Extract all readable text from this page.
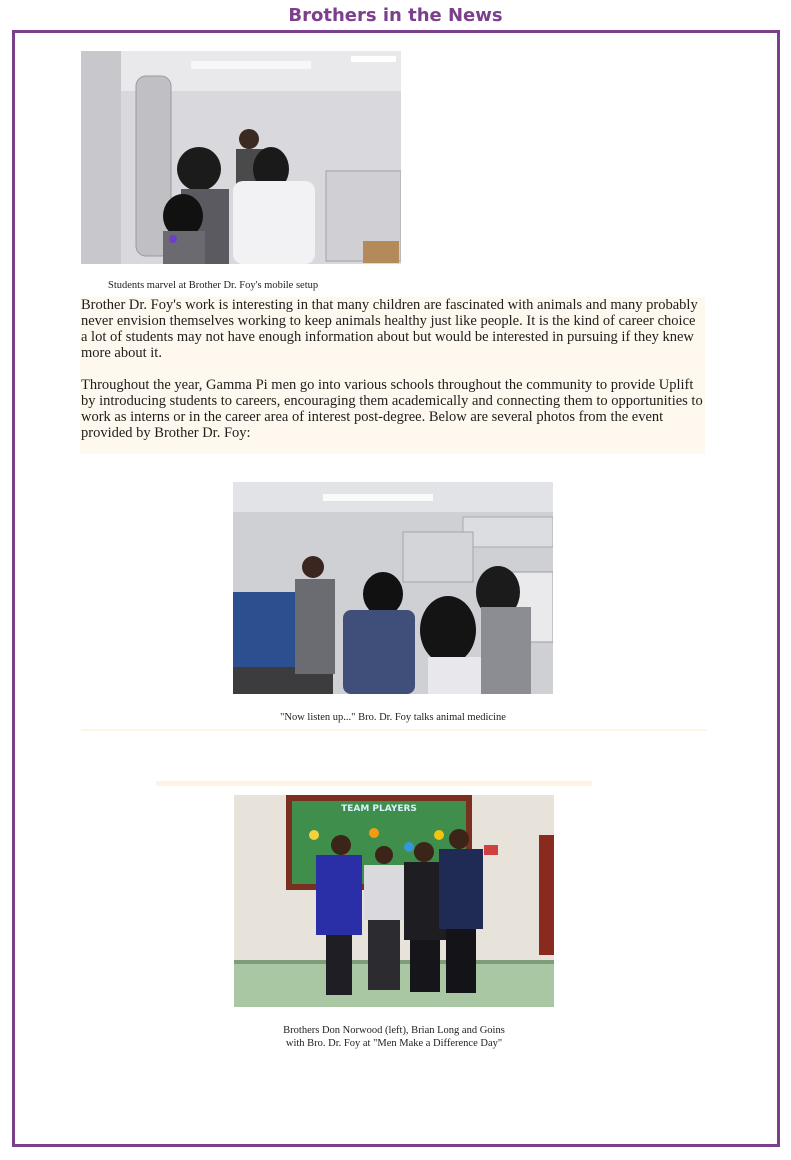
Brothers in the News
Students marvel at Brother Dr. Foy's mobile setup

Brother Dr. Foy's work is interesting in that many children are fascinated with animals and many probably never envision themselves working to keep animals healthy just like people. It is the kind of career choice a lot of students may not have enough information about but would be interested in pursuing if they knew more about it.

Throughout the year, Gamma Pi men go into various schools throughout the community to provide Uplift by introducing students to careers, encouraging them academically and connecting them to opportunities to work as interns or in the career area of interest post-degree. Below are several photos from the event provided by Brother Dr. Foy:

"Now listen up..." Bro. Dr. Foy talks animal medicine
TEAM PLAYERS
Brothers Don Norwood (left), Brian Long and Goins
with Bro. Dr. Foy at "Men Make a Difference Day"
